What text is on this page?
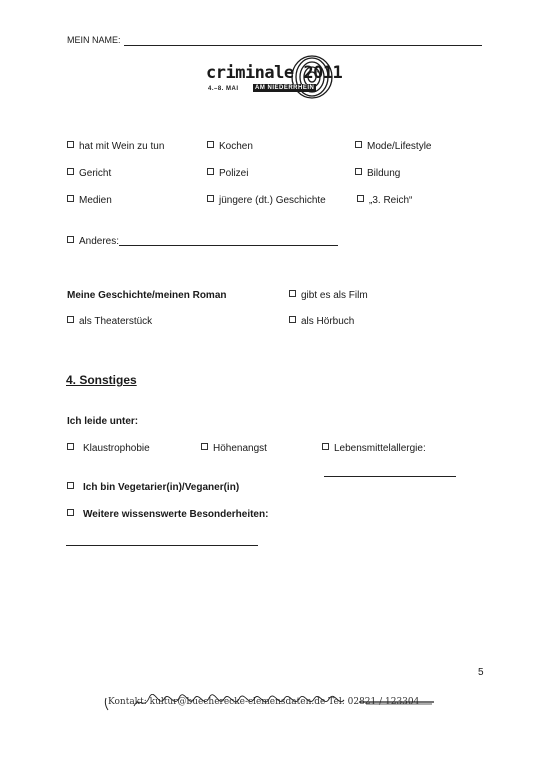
MEIN NAME:
criminale 2011
4.–8. MAI	AM NIEDERRHEIN
hat mit Wein zu tun	Kochen	Mode/Lifestyle
Gericht	Polizei	Bildung
Medien	jüngere (dt.) Geschichte	„3. Reich“
Anderes:
Meine Geschichte/meinen Roman	gibt es als Film
als Theaterstück	als Hörbuch
4. Sonstiges
Ich leide unter:
Klaustrophobie	Höhenangst	Lebensmittelallergie:
Ich bin Vegetarier(in)/Veganer(in)
Weitere wissenswerte Besonderheiten:
5
Kontakt: kultur@buecherecke-clemensdaten.de Tel: 02821 / 123304
